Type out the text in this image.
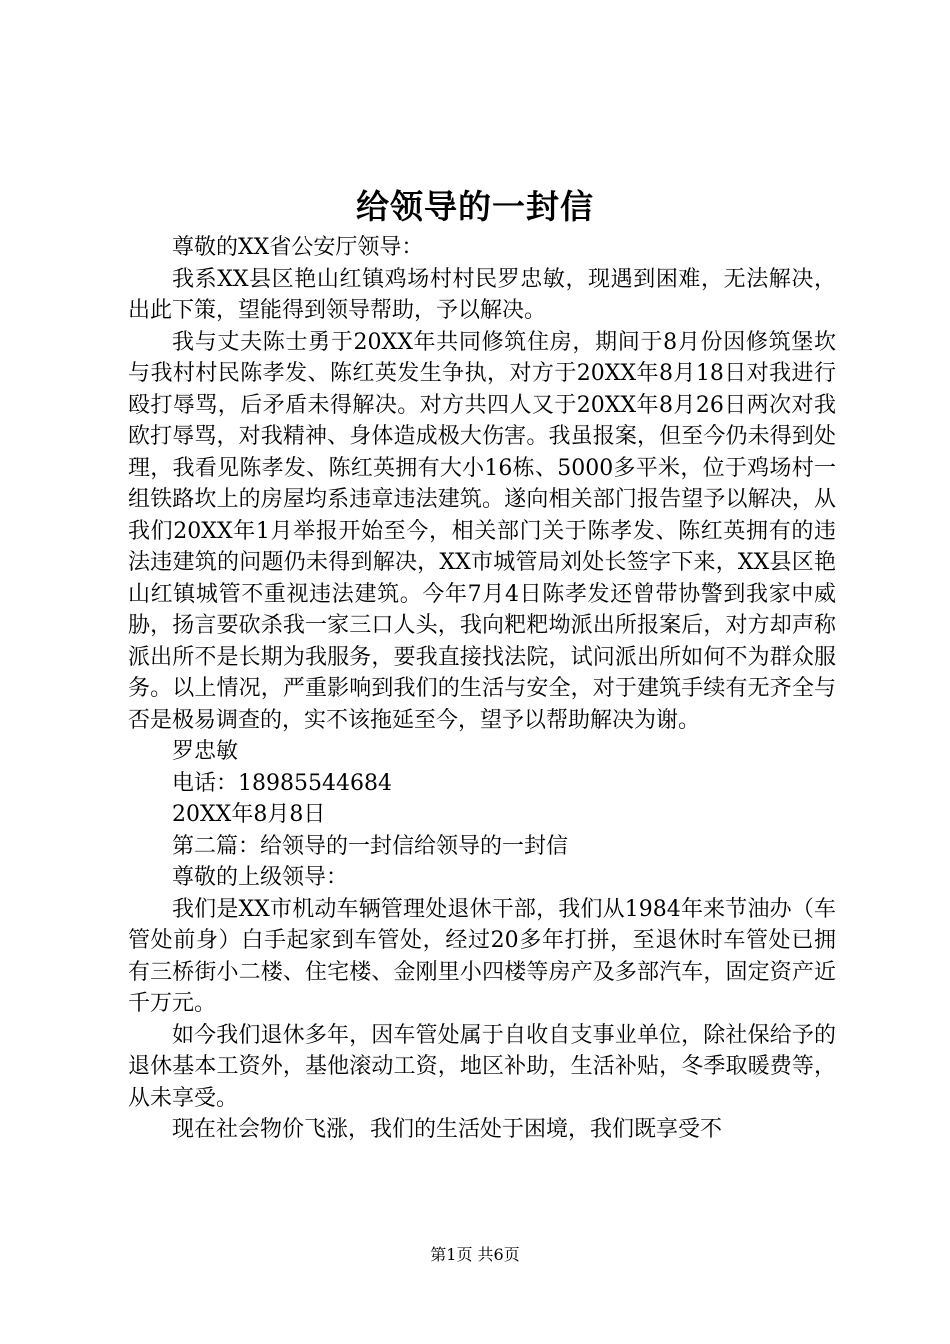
给领导的一封信

尊敬的XX省公安厅领导：

我系XX县区艳山红镇鸡场村村民罗忠敏，现遇到困难，无法解决，出此下策，望能得到领导帮助，予以解决。

我与丈夫陈士勇于20XX年共同修筑住房，期间于8月份因修筑堡坎与我村村民陈孝发、陈红英发生争执，对方于20XX年8月18日对我进行殴打辱骂，后矛盾未得解决。对方共四人又于20XX年8月26日两次对我欧打辱骂，对我精神、身体造成极大伤害。我虽报案，但至今仍未得到处理，我看见陈孝发、陈红英拥有大小16栋、5000多平米，位于鸡场村一组铁路坎上的房屋均系违章违法建筑。遂向相关部门报告望予以解决，从我们20XX年1月举报开始至今，相关部门关于陈孝发、陈红英拥有的违法违建筑的问题仍未得到解决，XX市城管局刘处长签字下来，XX县区艳山红镇城管不重视违法建筑。今年7月4日陈孝发还曾带协警到我家中威胁，扬言要砍杀我一家三口人头，我向粑粑坳派出所报案后，对方却声称派出所不是长期为我服务，要我直接找法院，试问派出所如何不为群众服务。以上情况，严重影响到我们的生活与安全，对于建筑手续有无齐全与否是极易调查的，实不该拖延至今，望予以帮助解决为谢。

罗忠敏

电话：18985544684

20XX年8月8日

第二篇：给领导的一封信给领导的一封信

尊敬的上级领导：

我们是XX市机动车辆管理处退休干部，我们从1984年来节油办（车管处前身）白手起家到车管处，经过20多年打拼，至退休时车管处已拥有三桥街小二楼、住宅楼、金刚里小四楼等房产及多部汽车，固定资产近千万元。

如今我们退休多年，因车管处属于自收自支事业单位，除社保给予的退休基本工资外，基他滚动工资，地区补助，生活补贴，冬季取暖费等，从未享受。

现在社会物价飞涨，我们的生活处于困境，我们既享受不

第1页 共6页
